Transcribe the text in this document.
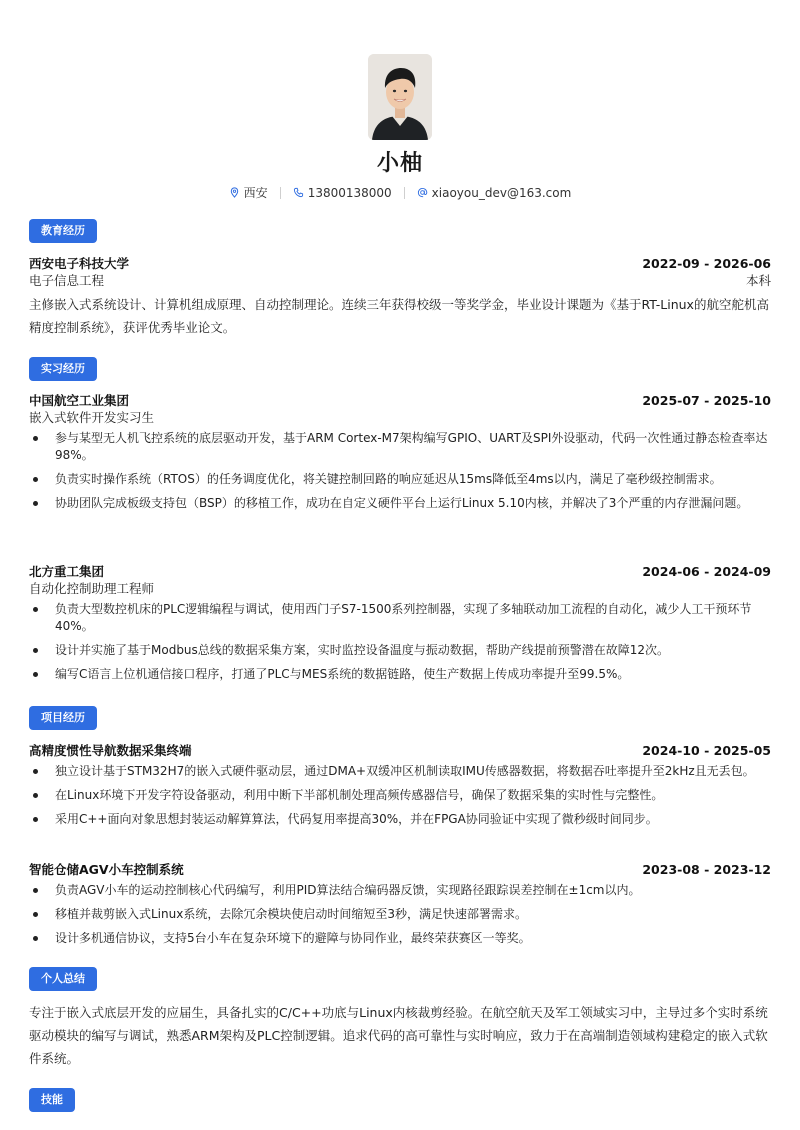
小柚
西安	13800138000	xiaoyou_dev@163.com
教育经历
西安电子科技大学	2022-09 - 2026-06
电子信息工程	本科
主修嵌入式系统设计、计算机组成原理、自动控制理论。连续三年获得校级一等奖学金，毕业设计课题为《基于RT-Linux的航空舵机高精度控制系统》，获评优秀毕业论文。
实习经历
中国航空工业集团	2025-07 - 2025-10
嵌入式软件开发实习生
参与某型无人机飞控系统的底层驱动开发，基于ARM Cortex-M7架构编写GPIO、UART及SPI外设驱动，代码一次性通过静态检查率达98%。
负责实时操作系统（RTOS）的任务调度优化，将关键控制回路的响应延迟从15ms降低至4ms以内，满足了毫秒级控制需求。
协助团队完成板级支持包（BSP）的移植工作，成功在自定义硬件平台上运行Linux 5.10内核，并解决了3个严重的内存泄漏问题。
北方重工集团	2024-06 - 2024-09
自动化控制助理工程师
负责大型数控机床的PLC逻辑编程与调试，使用西门子S7-1500系列控制器，实现了多轴联动加工流程的自动化，减少人工干预环节40%。
设计并实施了基于Modbus总线的数据采集方案，实时监控设备温度与振动数据，帮助产线提前预警潜在故障12次。
编写C语言上位机通信接口程序，打通了PLC与MES系统的数据链路，使生产数据上传成功率提升至99.5%。
项目经历
高精度惯性导航数据采集终端	2024-10 - 2025-05
独立设计基于STM32H7的嵌入式硬件驱动层，通过DMA+双缓冲区机制读取IMU传感器数据，将数据吞吐率提升至2kHz且无丢包。
在Linux环境下开发字符设备驱动，利用中断下半部机制处理高频传感器信号，确保了数据采集的实时性与完整性。
采用C++面向对象思想封装运动解算算法，代码复用率提高30%，并在FPGA协同验证中实现了微秒级时间同步。
智能仓储AGV小车控制系统	2023-08 - 2023-12
负责AGV小车的运动控制核心代码编写，利用PID算法结合编码器反馈，实现路径跟踪误差控制在±1cm以内。
移植并裁剪嵌入式Linux系统，去除冗余模块使启动时间缩短至3秒，满足快速部署需求。
设计多机通信协议，支持5台小车在复杂环境下的避障与协同作业，最终荣获赛区一等奖。
个人总结
专注于嵌入式底层开发的应届生，具备扎实的C/C++功底与Linux内核裁剪经验。在航空航天及军工领域实习中，主导过多个实时系统驱动模块的编写与调试，熟悉ARM架构及PLC控制逻辑。追求代码的高可靠性与实时响应，致力于在高端制造领域构建稳定的嵌入式软件系统。
技能
